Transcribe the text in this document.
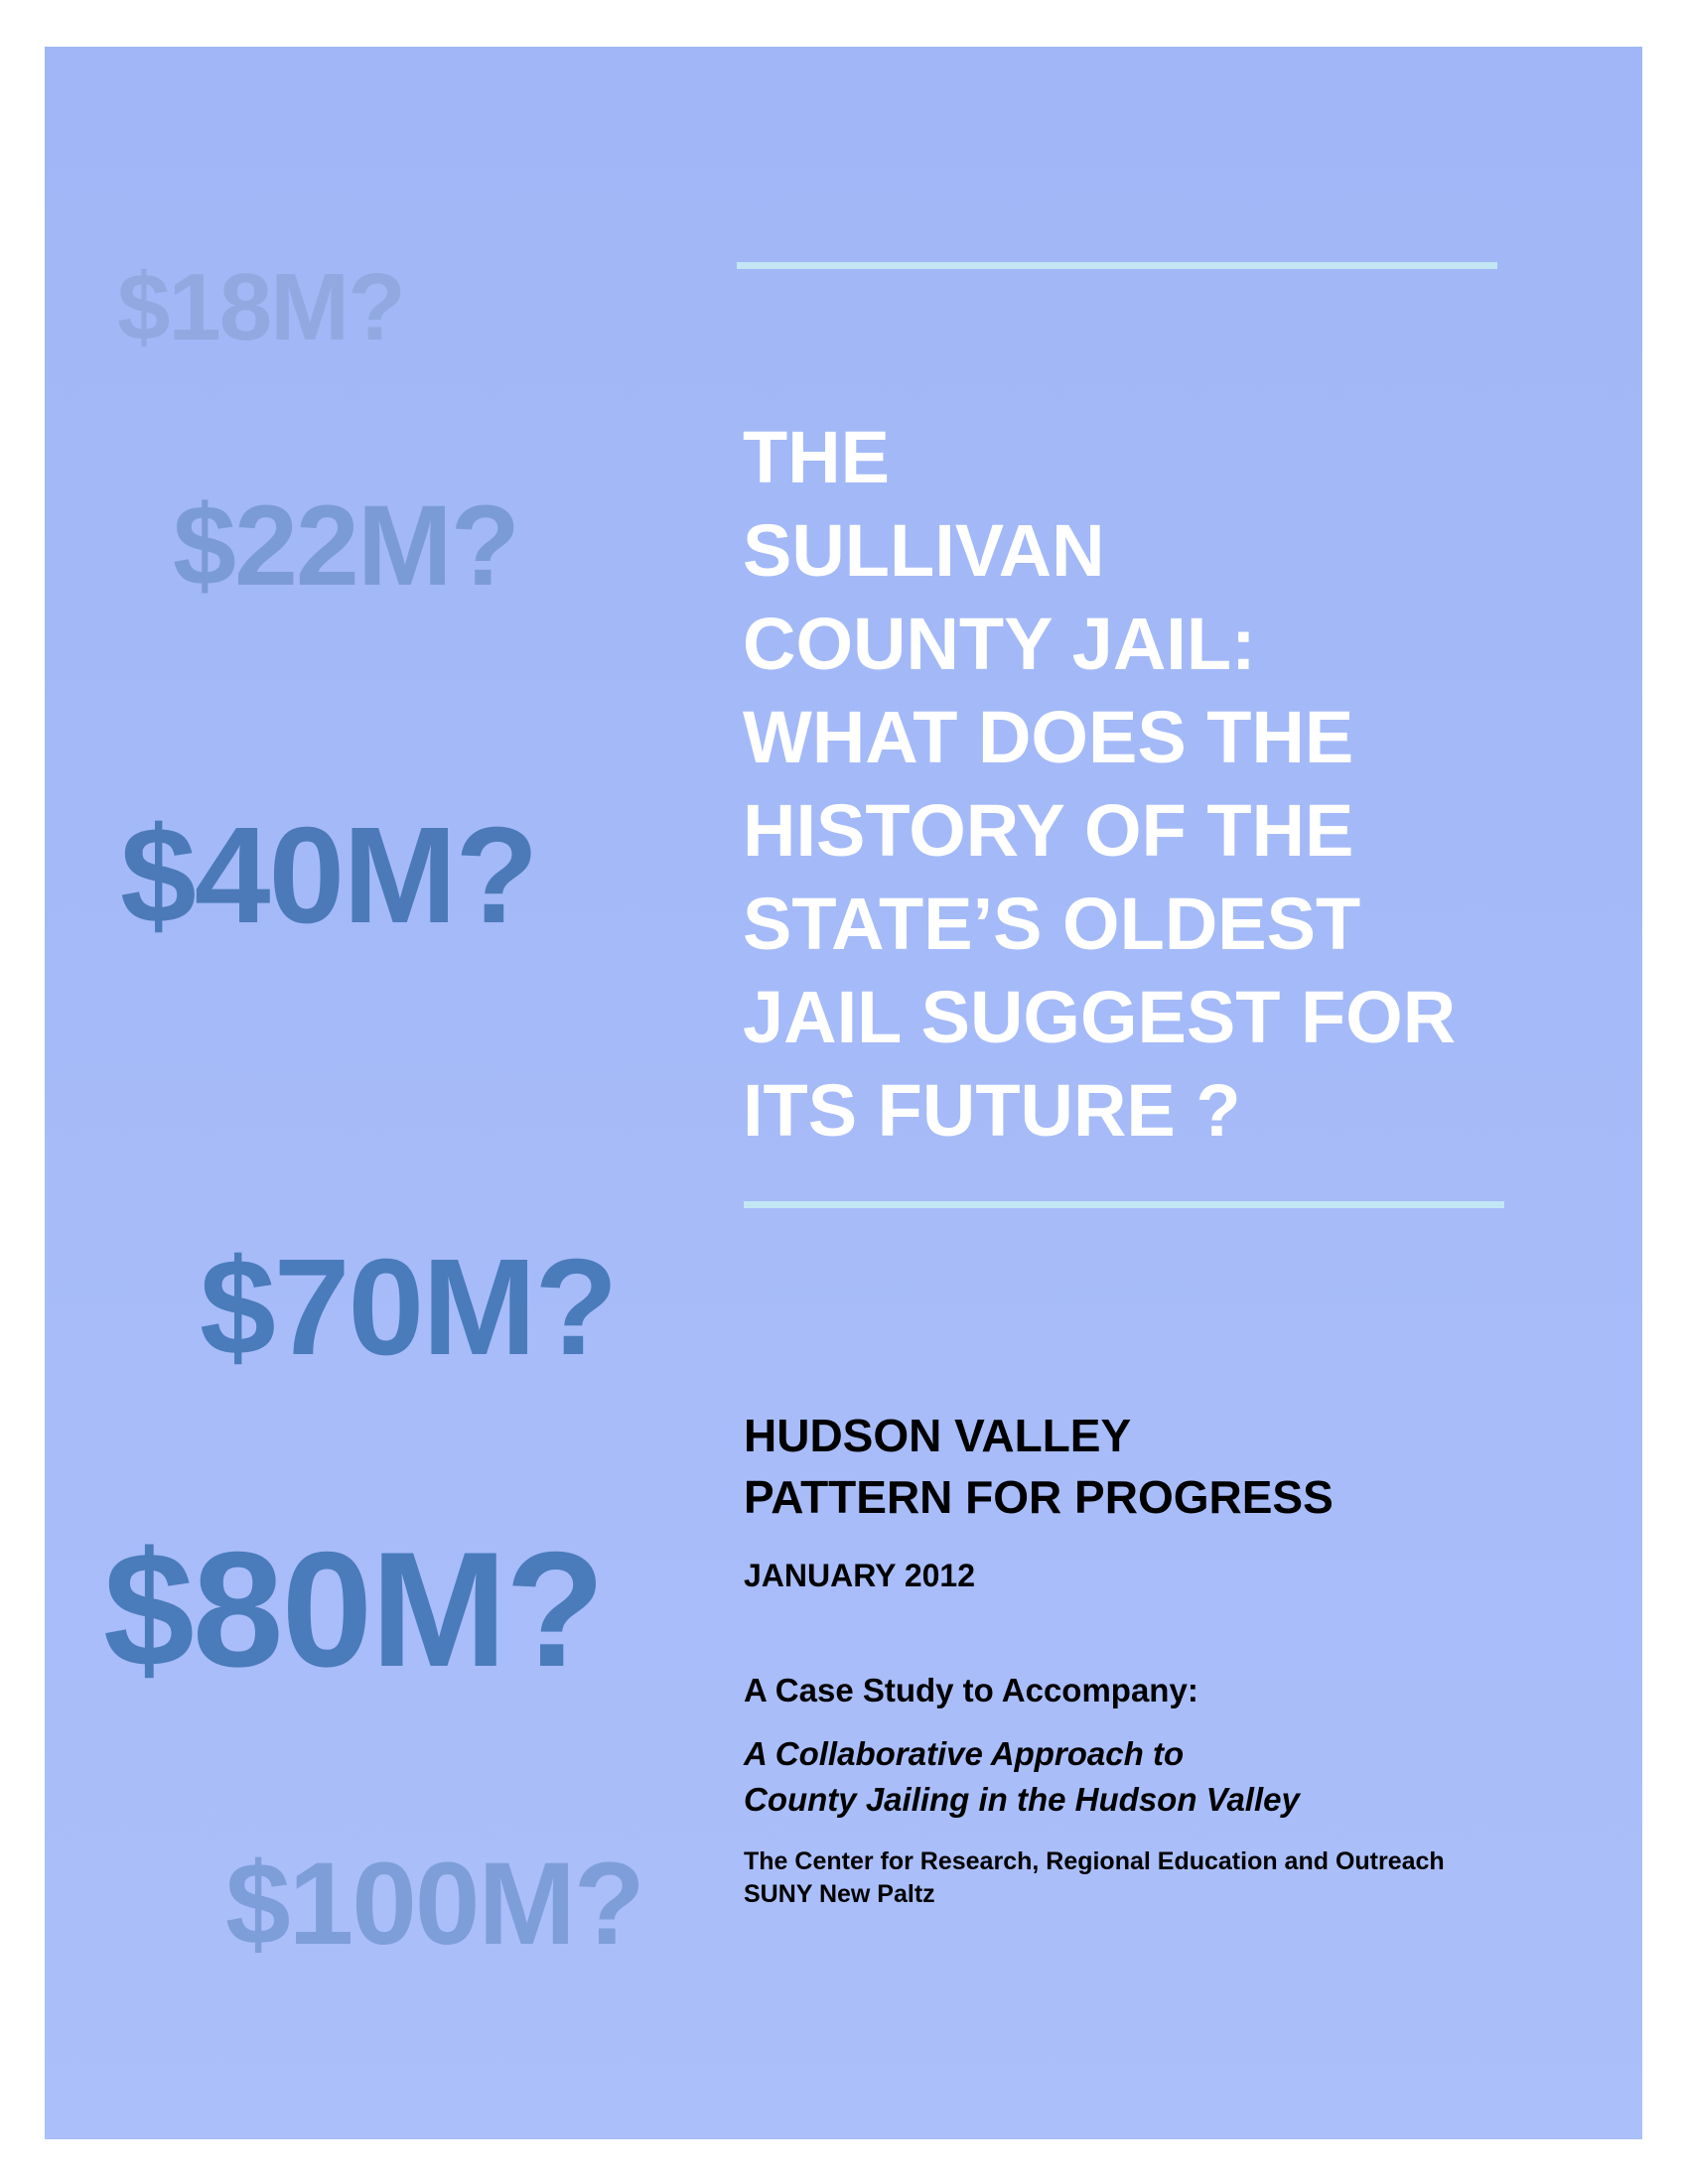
$18M?

$22M?

$40M?

$70M?

$80M?

$100M?

THE
SULLIVAN
COUNTY JAIL:
WHAT DOES THE
HISTORY OF THE
STATE’S OLDEST
JAIL SUGGEST FOR
ITS FUTURE ?
HUDSON VALLEY
PATTERN FOR PROGRESS

JANUARY 2012

A Case Study to Accompany:

A Collaborative Approach to
County Jailing in the Hudson Valley

The Center for Research, Regional Education and Outreach
SUNY New Paltz
